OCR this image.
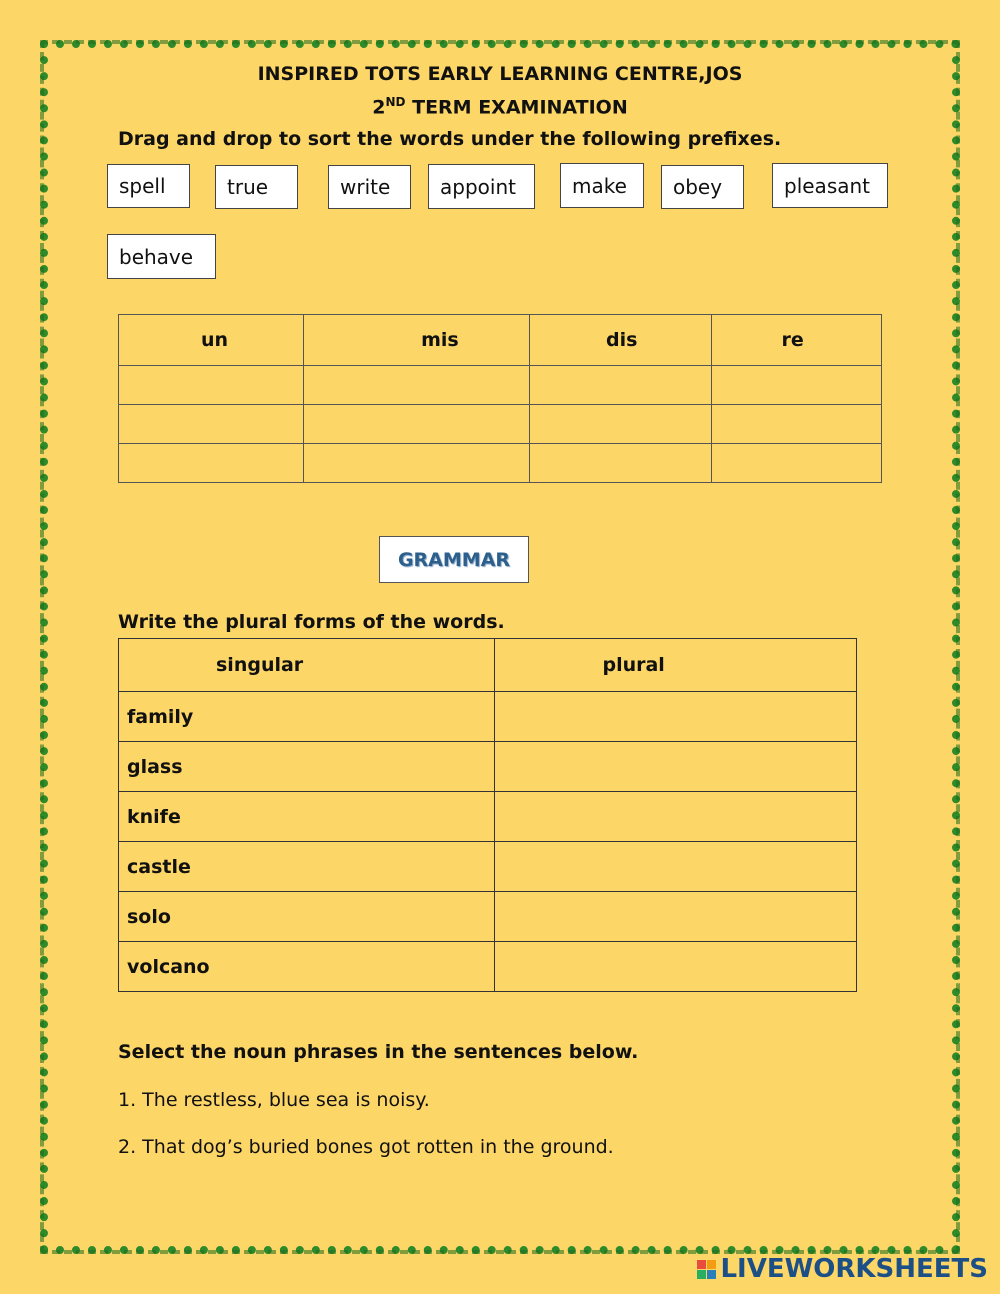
INSPIRED TOTS EARLY LEARNING CENTRE,JOS
2ND TERM EXAMINATION
Drag and drop to sort the words under the following prefixes.
spell	true	write	appoint	make	obey	pleasant
behave
un	mis	dis	re

GRAMMAR
Write the plural forms of the words.
singular	plural
family	
glass	
knife	
castle	
solo	
volcano	
Select the noun phrases in the sentences below.
1. The restless, blue sea is noisy.
2. That dog’s buried bones got rotten in the ground.
LIVEWORKSHEETS
